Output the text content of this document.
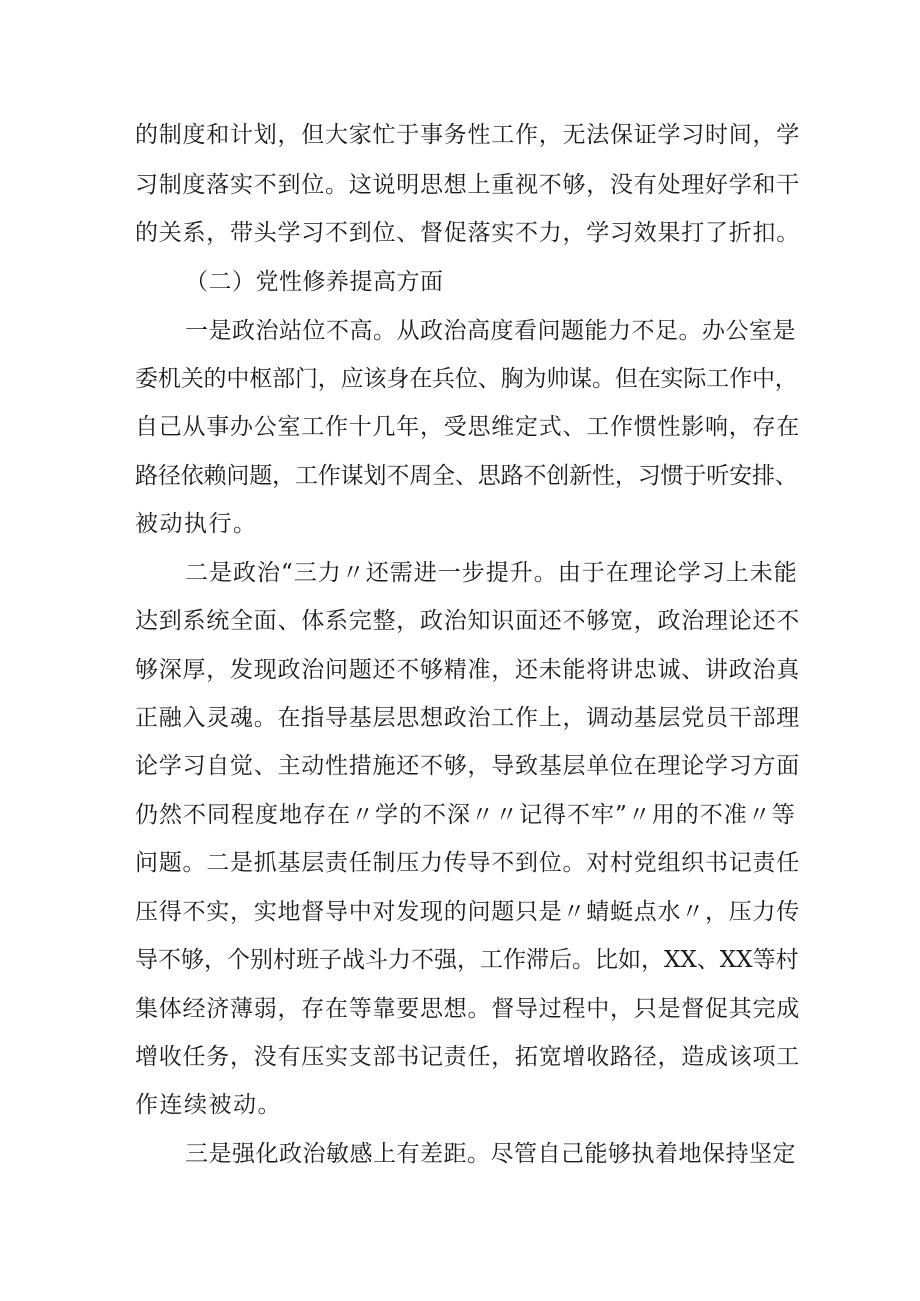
的制度和计划，但大家忙于事务性工作，无法保证学习时间，学

习制度落实不到位。这说明思想上重视不够，没有处理好学和干

的关系，带头学习不到位、督促落实不力，学习效果打了折扣。

（二）党性修养提高方面

一是政治站位不高。从政治高度看问题能力不足。办公室是

委机关的中枢部门，应该身在兵位、胸为帅谋。但在实际工作中，

自己从事办公室工作十几年，受思维定式、工作惯性影响，存在

路径依赖问题，工作谋划不周全、思路不创新性，习惯于听安排、

被动执行。

二是政治“三力〃还需进一步提升。由于在理论学习上未能

达到系统全面、体系完整，政治知识面还不够宽，政治理论还不

够深厚，发现政治问题还不够精准，还未能将讲忠诚、讲政治真

正融入灵魂。在指导基层思想政治工作上，调动基层党员干部理

论学习自觉、主动性措施还不够，导致基层单位在理论学习方面

仍然不同程度地存在〃学的不深〃〃记得不牢”〃用的不准〃等

问题。二是抓基层责任制压力传导不到位。对村党组织书记责任

压得不实，实地督导中对发现的问题只是〃蜻蜓点水〃，压力传

导不够，个别村班子战斗力不强，工作滞后。比如，XX、XX等村

集体经济薄弱，存在等靠要思想。督导过程中，只是督促其完成

增收任务，没有压实支部书记责任，拓宽增收路径，造成该项工

作连续被动。

三是强化政治敏感上有差距。尽管自己能够执着地保持坚定
